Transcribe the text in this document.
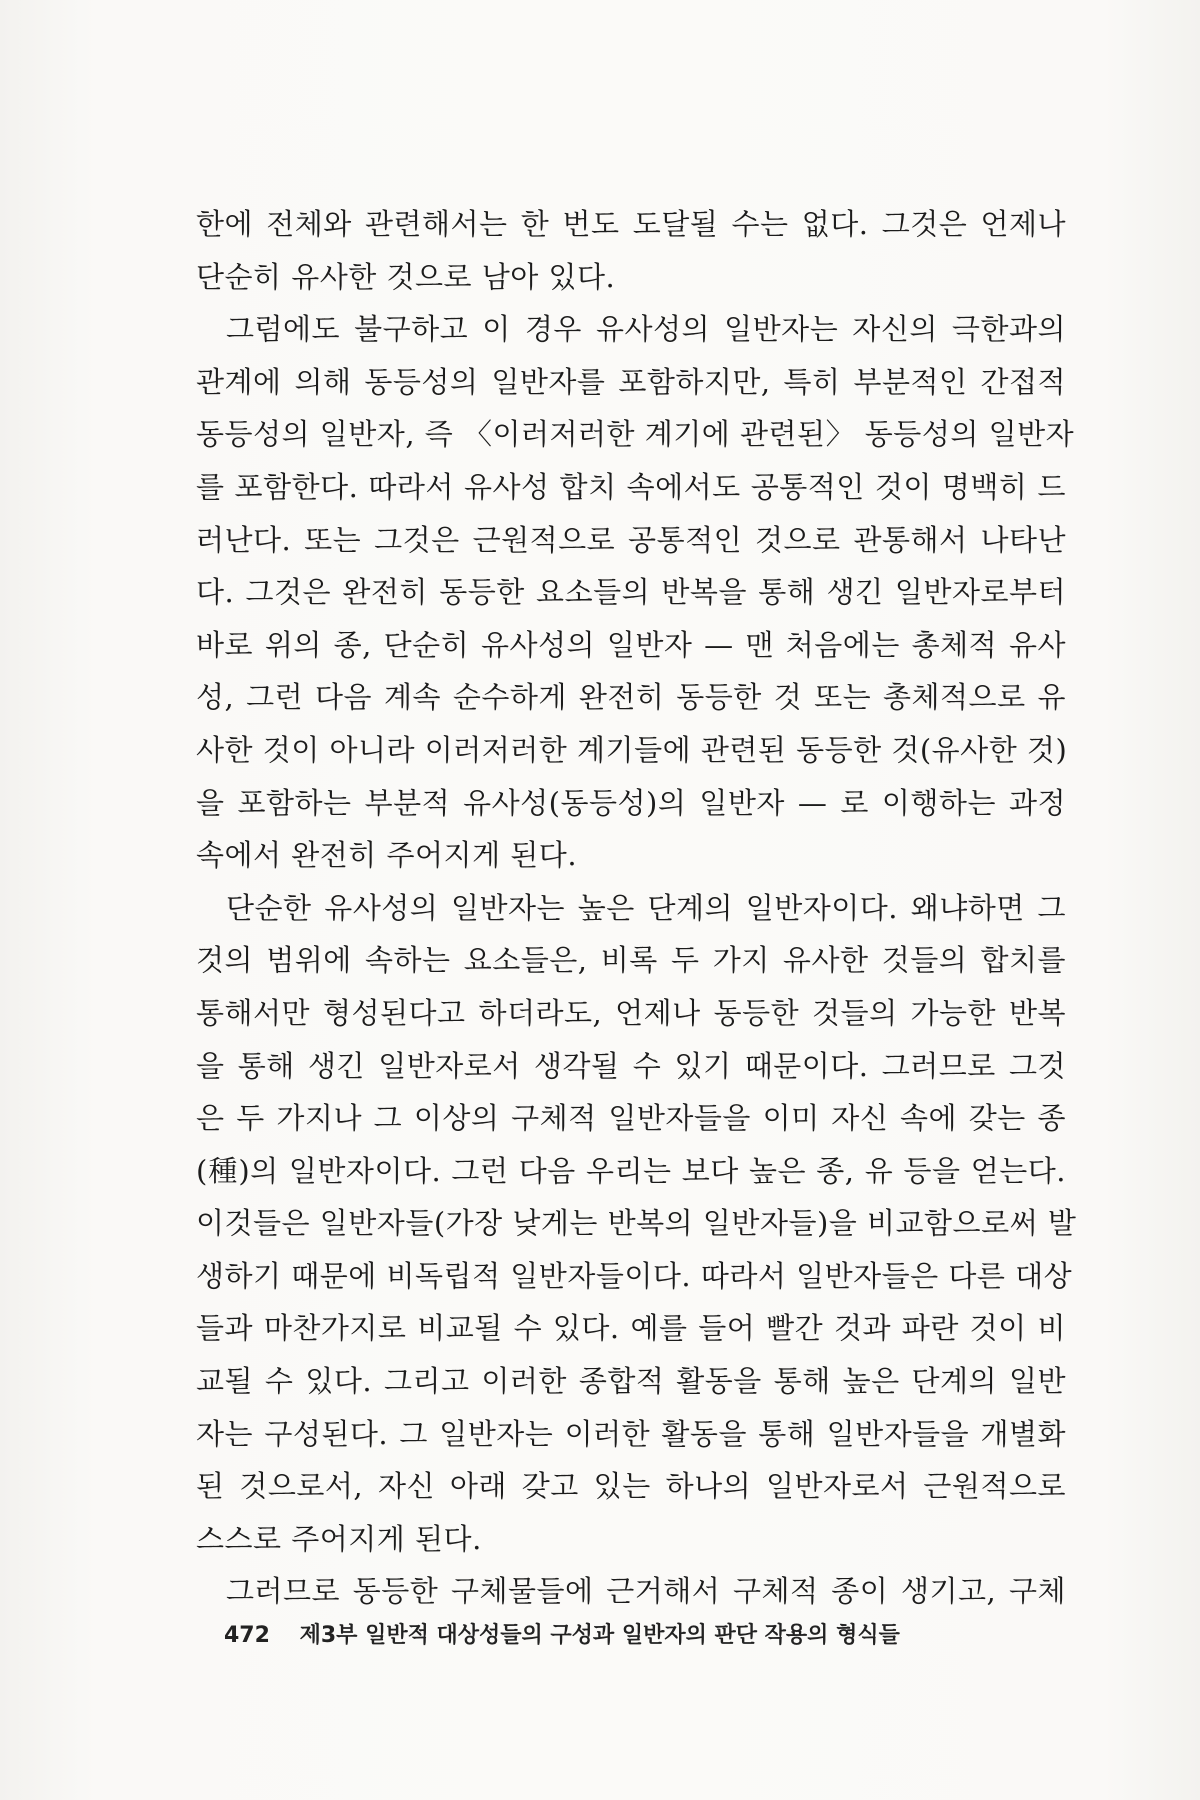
한에 전체와 관련해서는 한 번도 도달될 수는 없다. 그것은 언제나
단순히 유사한 것으로 남아 있다.
그럼에도 불구하고 이 경우 유사성의 일반자는 자신의 극한과의
관계에 의해 동등성의 일반자를 포함하지만, 특히 부분적인 간접적
동등성의 일반자, 즉 〈이러저러한 계기에 관련된〉 동등성의 일반자
를 포함한다. 따라서 유사성 합치 속에서도 공통적인 것이 명백히 드
러난다. 또는 그것은 근원적으로 공통적인 것으로 관통해서 나타난
다. 그것은 완전히 동등한 요소들의 반복을 통해 생긴 일반자로부터
바로 위의 종, 단순히 유사성의 일반자 — 맨 처음에는 총체적 유사
성, 그런 다음 계속 순수하게 완전히 동등한 것 또는 총체적으로 유
사한 것이 아니라 이러저러한 계기들에 관련된 동등한 것(유사한 것)
을 포함하는 부분적 유사성(동등성)의 일반자 — 로 이행하는 과정
속에서 완전히 주어지게 된다.
단순한 유사성의 일반자는 높은 단계의 일반자이다. 왜냐하면 그
것의 범위에 속하는 요소들은, 비록 두 가지 유사한 것들의 합치를
통해서만 형성된다고 하더라도, 언제나 동등한 것들의 가능한 반복
을 통해 생긴 일반자로서 생각될 수 있기 때문이다. 그러므로 그것
은 두 가지나 그 이상의 구체적 일반자들을 이미 자신 속에 갖는 종
(種)의 일반자이다. 그런 다음 우리는 보다 높은 종, 유 등을 얻는다.
이것들은 일반자들(가장 낮게는 반복의 일반자들)을 비교함으로써 발
생하기 때문에 비독립적 일반자들이다. 따라서 일반자들은 다른 대상
들과 마찬가지로 비교될 수 있다. 예를 들어 빨간 것과 파란 것이 비
교될 수 있다. 그리고 이러한 종합적 활동을 통해 높은 단계의 일반
자는 구성된다. 그 일반자는 이러한 활동을 통해 일반자들을 개별화
된 것으로서, 자신 아래 갖고 있는 하나의 일반자로서 근원적으로
스스로 주어지게 된다.
그러므로 동등한 구체물들에 근거해서 구체적 종이 생기고, 구체
472 제3부 일반적 대상성들의 구성과 일반자의 판단 작용의 형식들
